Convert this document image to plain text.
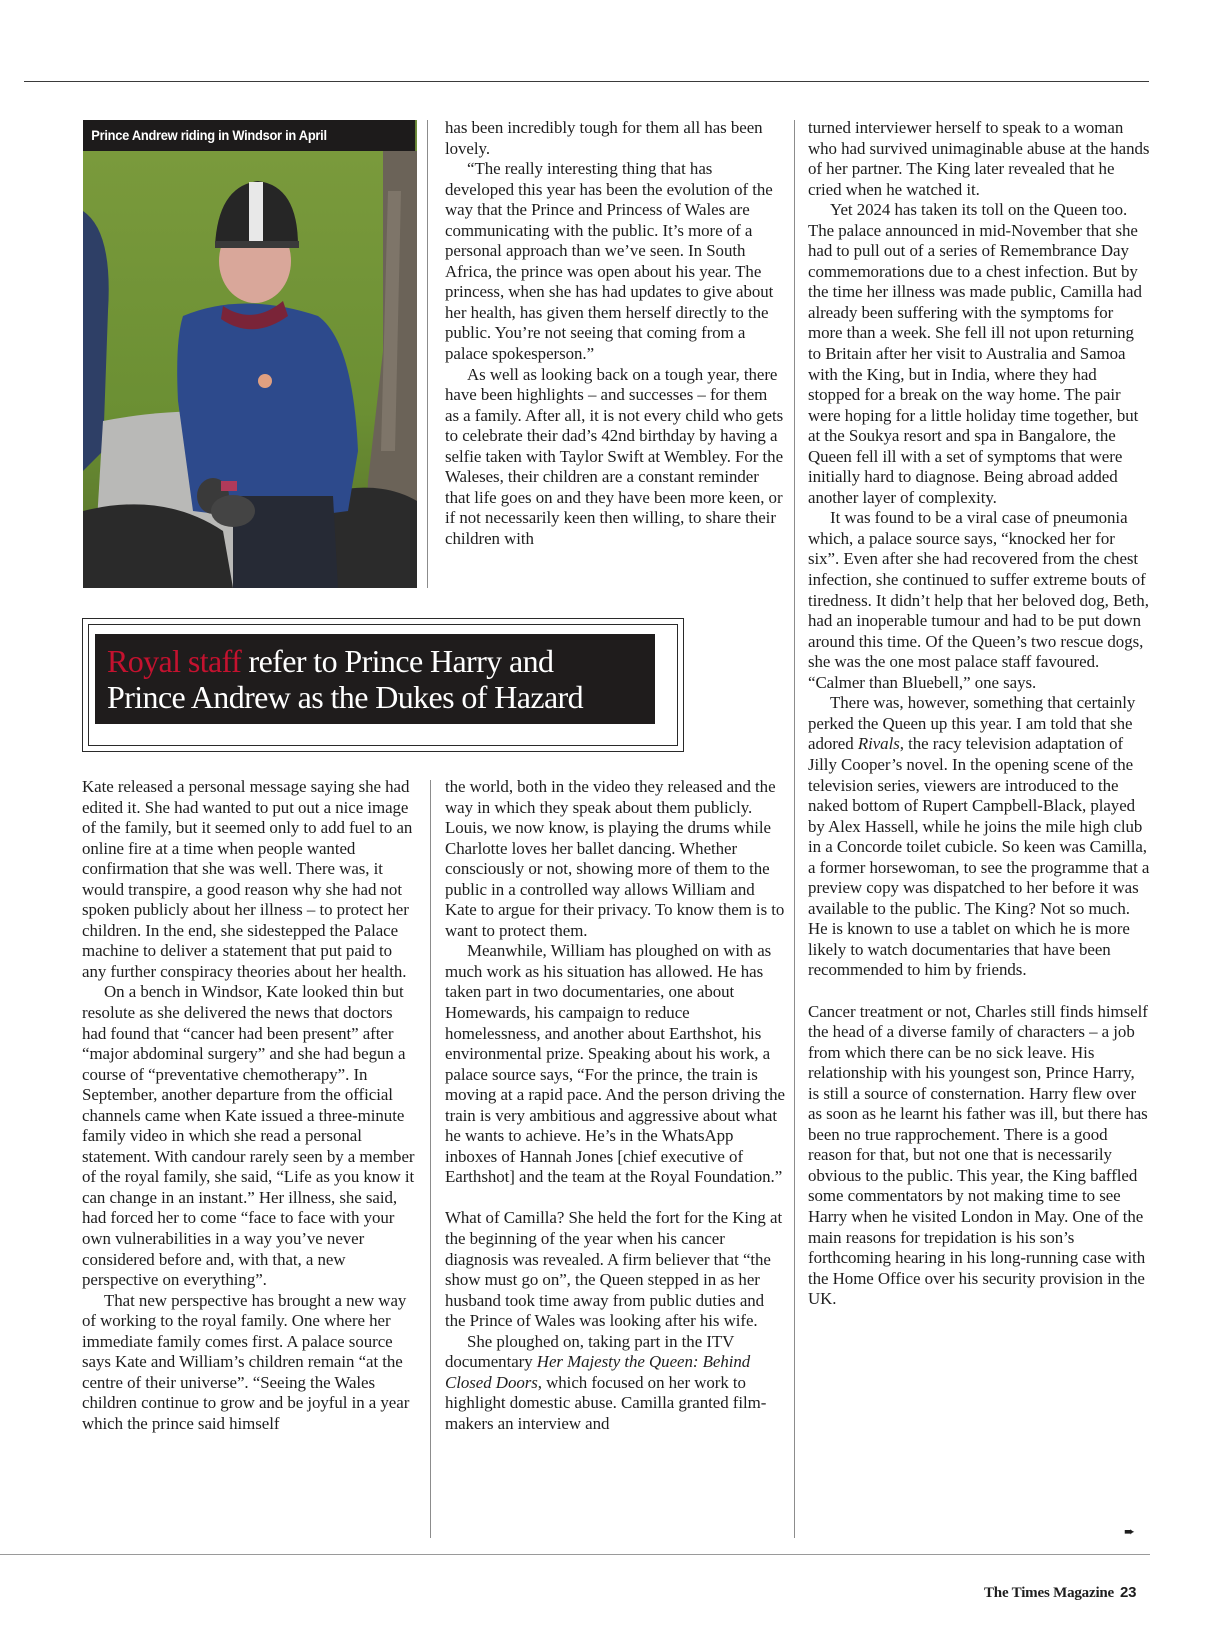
Prince Andrew riding in Windsor in April	has been incredibly tough for them all has been lovely.

“The really interesting thing that has developed this year has been the evolution of the way that the Prince and Princess of Wales are communicating with the public. It’s more of a personal approach than we’ve seen. In South Africa, the prince was open about his year. The princess, when she has had updates to give about her health, has given them herself directly to the public. You’re not seeing that coming from a palace spokesperson.”

As well as looking back on a tough year, there have been highlights – and successes – for them as a family. After all, it is not every child who gets to celebrate their dad’s 42nd birthday by having a selfie taken with Taylor Swift at Wembley. For the Waleses, their children are a constant reminder that life goes on and they have been more keen, or if not necessarily keen then willing, to share their children with

Royal staff refer to Prince Harry and
Prince Andrew as the Dukes of Hazard

Kate released a personal message saying she had edited it. She had wanted to put out a nice image of the family, but it seemed only to add fuel to an online fire at a time when people wanted confirmation that she was well. There was, it would transpire, a good reason why she had not spoken publicly about her illness – to protect her children. In the end, she sidestepped the Palace machine to deliver a statement that put paid to any further conspiracy theories about her health.

On a bench in Windsor, Kate looked thin but resolute as she delivered the news that doctors had found that “cancer had been present” after “major abdominal surgery” and she had begun a course of “preventative chemotherapy”. In September, another departure from the official channels came when Kate issued a three-minute family video in which she read a personal statement. With candour rarely seen by a member of the royal family, she said, “Life as you know it can change in an instant.” Her illness, she said, had forced her to come “face to face with your own vulnerabilities in a way you’ve never considered before and, with that, a new perspective on everything”.

That new perspective has brought a new way of working to the royal family. One where her immediate family comes first. A palace source says Kate and William’s children remain “at the centre of their universe”. “Seeing the Wales children continue to grow and be joyful in a year which the prince said himself

the world, both in the video they released and the way in which they speak about them publicly. Louis, we now know, is playing the drums while Charlotte loves her ballet dancing. Whether consciously or not, showing more of them to the public in a controlled way allows William and Kate to argue for their privacy. To know them is to want to protect them.

Meanwhile, William has ploughed on with as much work as his situation has allowed. He has taken part in two documentaries, one about Homewards, his campaign to reduce homelessness, and another about Earthshot, his environmental prize. Speaking about his work, a palace source says, “For the prince, the train is moving at a rapid pace. And the person driving the train is very ambitious and aggressive about what he wants to achieve. He’s in the WhatsApp inboxes of Hannah Jones [chief executive of Earthshot] and the team at the Royal Foundation.”

What of Camilla? She held the fort for the King at the beginning of the year when his cancer diagnosis was revealed. A firm believer that “the show must go on”, the Queen stepped in as her husband took time away from public duties and the Prince of Wales was looking after his wife.

She ploughed on, taking part in the ITV documentary Her Majesty the Queen: Behind Closed Doors, which focused on her work to highlight domestic abuse. Camilla granted film-makers an interview and

turned interviewer herself to speak to a woman who had survived unimaginable abuse at the hands of her partner. The King later revealed that he cried when he watched it.

Yet 2024 has taken its toll on the Queen too. The palace announced in mid-November that she had to pull out of a series of Remembrance Day commemorations due to a chest infection. But by the time her illness was made public, Camilla had already been suffering with the symptoms for more than a week. She fell ill not upon returning to Britain after her visit to Australia and Samoa with the King, but in India, where they had stopped for a break on the way home. The pair were hoping for a little holiday time together, but at the Soukya resort and spa in Bangalore, the Queen fell ill with a set of symptoms that were initially hard to diagnose. Being abroad added another layer of complexity.

It was found to be a viral case of pneumonia which, a palace source says, “knocked her for six”. Even after she had recovered from the chest infection, she continued to suffer extreme bouts of tiredness. It didn’t help that her beloved dog, Beth, had an inoperable tumour and had to be put down around this time. Of the Queen’s two rescue dogs, she was the one most palace staff favoured. “Calmer than Bluebell,” one says.

There was, however, something that certainly perked the Queen up this year. I am told that she adored Rivals, the racy television adaptation of Jilly Cooper’s novel. In the opening scene of the television series, viewers are introduced to the naked bottom of Rupert Campbell-Black, played by Alex Hassell, while he joins the mile high club in a Concorde toilet cubicle. So keen was Camilla, a former horsewoman, to see the programme that a preview copy was dispatched to her before it was available to the public. The King? Not so much. He is known to use a tablet on which he is more likely to watch documentaries that have been recommended to him by friends.

Cancer treatment or not, Charles still finds himself the head of a diverse family of characters – a job from which there can be no sick leave. His relationship with his youngest son, Prince Harry, is still a source of consternation. Harry flew over as soon as he learnt his father was ill, but there has been no true rapprochement. There is a good reason for that, but not one that is necessarily obvious to the public. This year, the King baffled some commentators by not making time to see Harry when he visited London in May. One of the main reasons for trepidation is his son’s forthcoming hearing in his long-running case with the Home Office over his security provision in the UK.

➨
The Times Magazine 23
